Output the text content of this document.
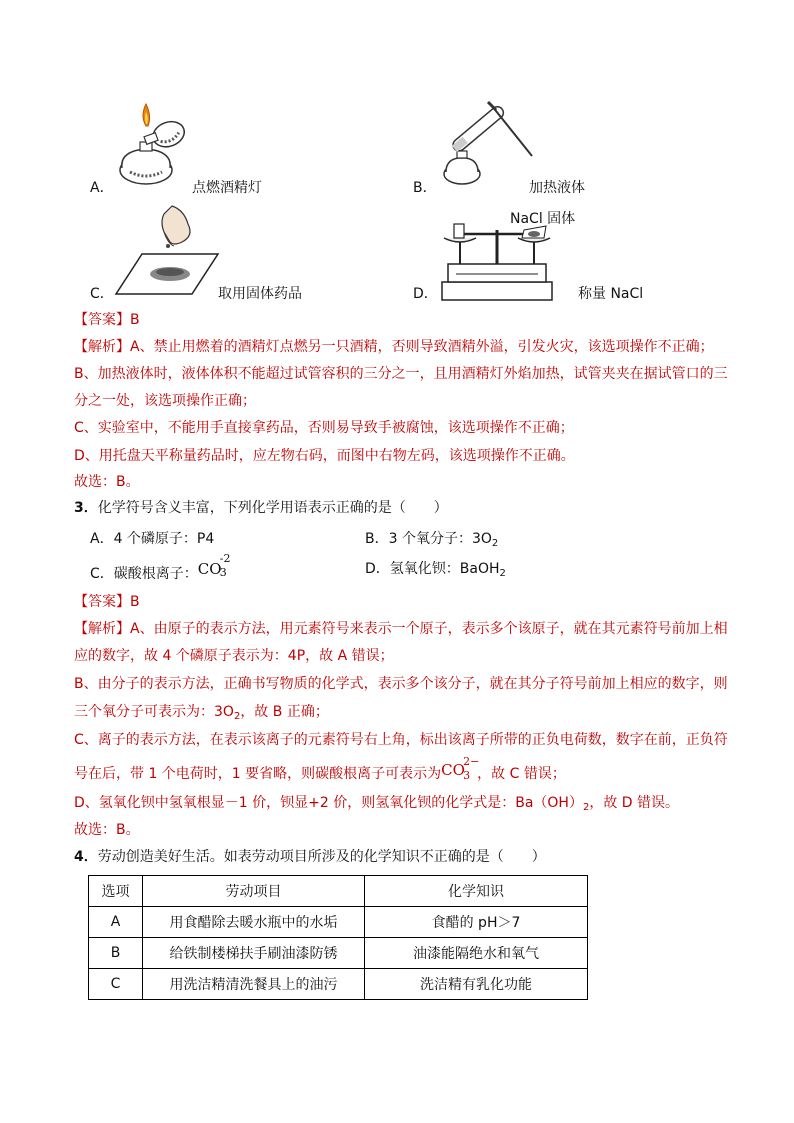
A．	点燃酒精灯	B．	加热液体
C．	取用固体药品
NaCl 固体
D．	称量 NaCl
【答案】B
【解析】A、禁止用燃着的酒精灯点燃另一只酒精，否则导致酒精外溢，引发火灾，该选项操作不正确；
B、加热液体时，液体体积不能超过试管容积的三分之一，且用酒精灯外焰加热，试管夹夹在据试管口的三
分之一处，该选项操作正确；
C、实验室中，不能用手直接拿药品，否则易导致手被腐蚀，该选项操作不正确；
D、用托盘天平称量药品时，应左物右码，而图中右物左码，该选项操作不正确。
故选：B。
3．化学符号含义丰富，下列化学用语表示正确的是（　　）
A．4 个磷原子：P4	B．3 个氧分子：$3O_2$
C．碳酸根离子： CO
-2
3	D．氢氧化钡：BaOH$_2$
【答案】B
【解析】A、由原子的表示方法，用元素符号来表示一个原子，表示多个该原子，就在其元素符号前加上相
应的数字，故 4 个磷原子表示为：4P，故 A 错误；
B、由分子的表示方法，正确书写物质的化学式，表示多个该分子，就在其分子符号前加上相应的数字，则
三个氧分子可表示为：$3O_2$，故 B 正确；
C、离子的表示方法，在表示该离子的元素符号右上角，标出该离子所带的正负电荷数，数字在前，正负符
号在后，带 1 个电荷时，1 要省略，则碳酸根离子可表示为 CO
2−
3 ，故 C 错误；
D、氢氧化钡中氢氧根显－1 价，钡显+2 价，则氢氧化钡的化学式是：$Ba(OH)_2$，故 D 错误。
故选：B。
4．劳动创造美好生活。如表劳动项目所涉及的化学知识不正确的是（　　）
选项	劳动项目	化学知识
A	用食醋除去暖水瓶中的水垢	食醋的 pH＞7
B	给铁制楼梯扶手刷油漆防锈	油漆能隔绝水和氧气
C	用洗洁精清洗餐具上的油污	洗洁精有乳化功能
